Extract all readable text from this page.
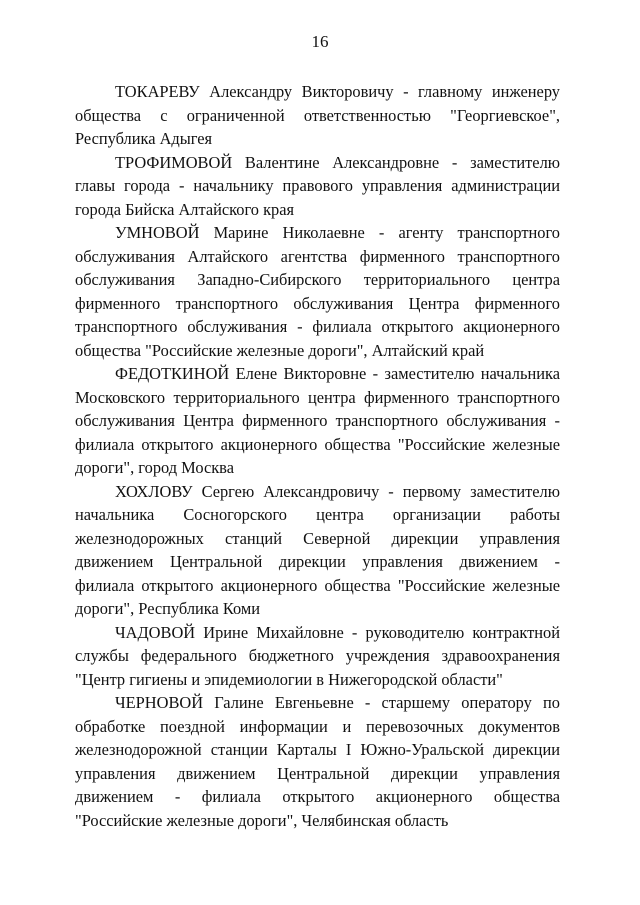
16

ТОКАРЕВУ Александру Викторовичу - главному инженеру общества с ограниченной ответственностью "Георгиевское", Республика Адыгея

ТРОФИМОВОЙ Валентине Александровне - заместителю главы города - начальнику правового управления администрации города Бийска Алтайского края

УМНОВОЙ Марине Николаевне - агенту транспортного обслуживания Алтайского агентства фирменного транспортного обслуживания Западно-Сибирского территориального центра фирменного транспортного обслуживания Центра фирменного транспортного обслуживания - филиала открытого акционерного общества "Российские железные дороги", Алтайский край

ФЕДОТКИНОЙ Елене Викторовне - заместителю начальника Московского территориального центра фирменного транспортного обслуживания Центра фирменного транспортного обслуживания - филиала открытого акционерного общества "Российские железные дороги", город Москва

ХОХЛОВУ Сергею Александровичу - первому заместителю начальника Сосногорского центра организации работы железнодорожных станций Северной дирекции управления движением Центральной дирекции управления движением - филиала открытого акционерного общества "Российские железные дороги", Республика Коми

ЧАДОВОЙ Ирине Михайловне - руководителю контрактной службы федерального бюджетного учреждения здравоохранения "Центр гигиены и эпидемиологии в Нижегородской области"

ЧЕРНОВОЙ Галине Евгеньевне - старшему оператору по обработке поездной информации и перевозочных документов железнодорожной станции Карталы I Южно-Уральской дирекции управления движением Центральной дирекции управления движением - филиала открытого акционерного общества "Российские железные дороги", Челябинская область
